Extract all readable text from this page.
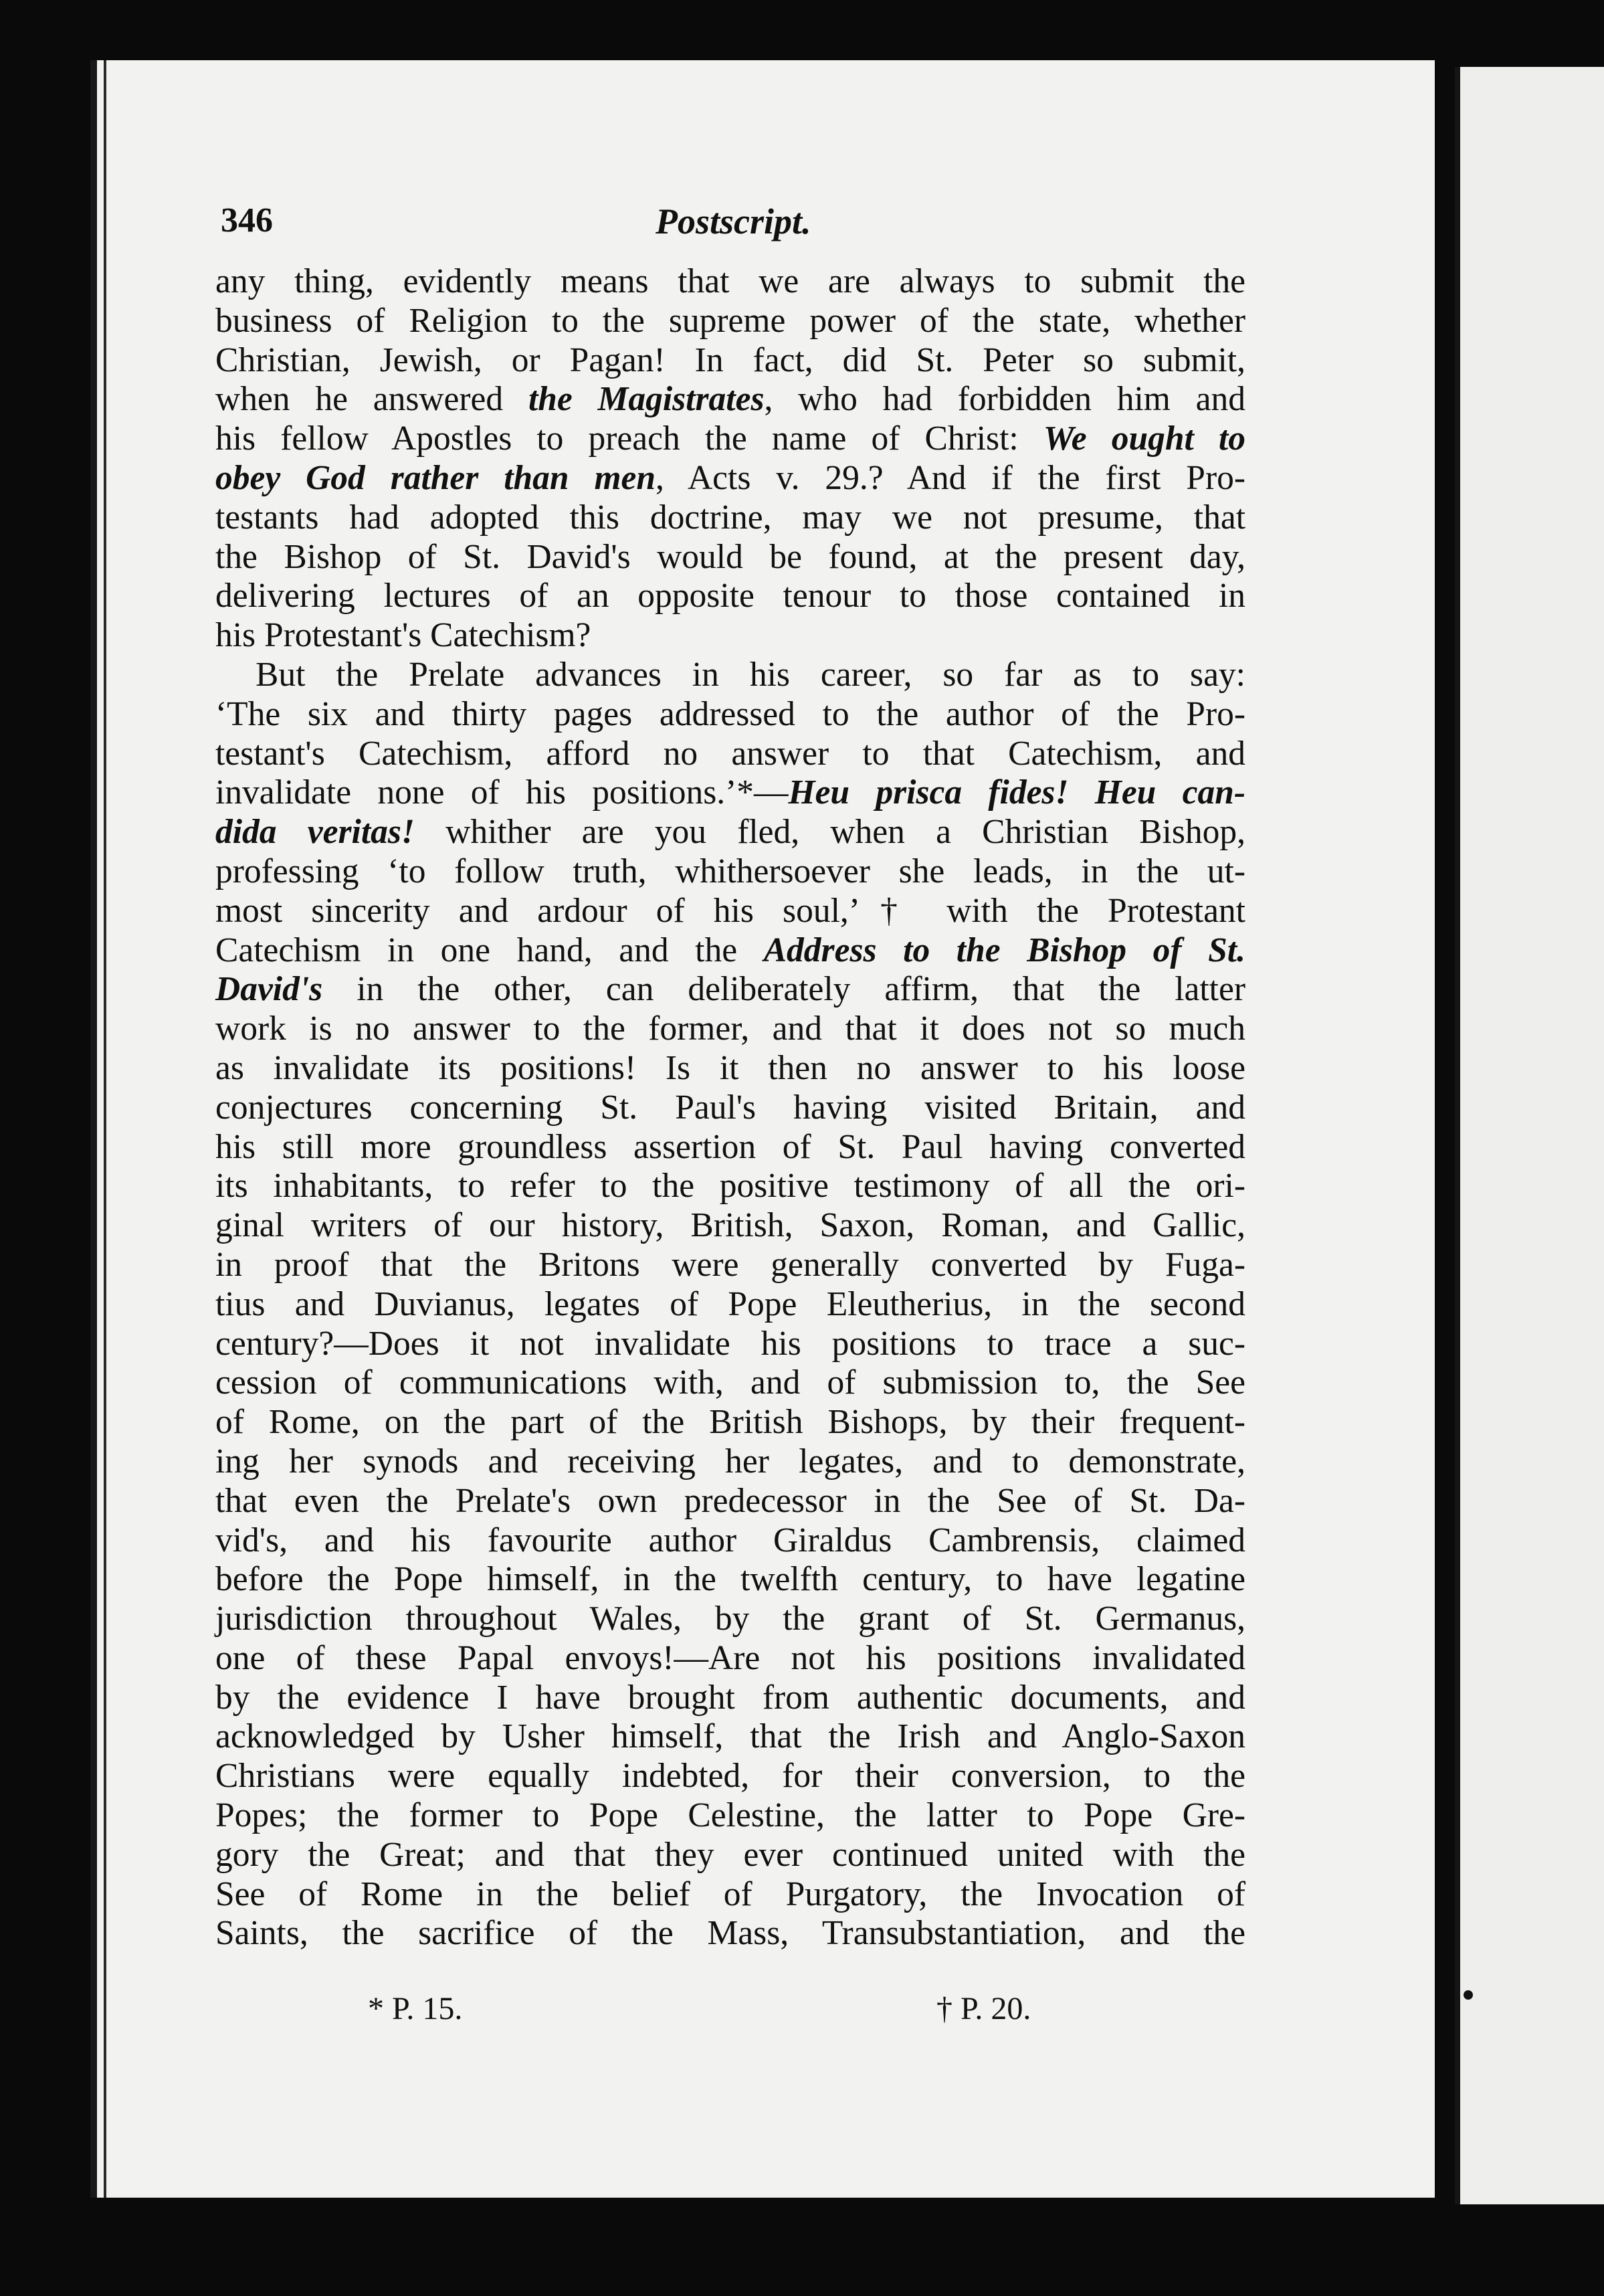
346	Postscript.
any thing, evidently means that we are always to submit the
business of Religion to the supreme power of the state, whether
Christian, Jewish, or Pagan! In fact, did St. Peter so submit,
when he answered the Magistrates, who had forbidden him and
his fellow Apostles to preach the name of Christ: We ought to
obey God rather than men, Acts v. 29.? And if the first Pro-
testants had adopted this doctrine, may we not presume, that
the Bishop of St. David's would be found, at the present day,
delivering lectures of an opposite tenour to those contained in
his Protestant's Catechism?
But the Prelate advances in his career, so far as to say:
‘The six and thirty pages addressed to the author of the Pro-
testant's Catechism, afford no answer to that Catechism, and
invalidate none of his positions.’*—Heu prisca fides! Heu can-
dida veritas! whither are you fled, when a Christian Bishop,
professing ‘to follow truth, whithersoever she leads, in the ut-
most sincerity and ardour of his soul,’† with the Protestant
Catechism in one hand, and the Address to the Bishop of St.
David's in the other, can deliberately affirm, that the latter
work is no answer to the former, and that it does not so much
as invalidate its positions! Is it then no answer to his loose
conjectures concerning St. Paul's having visited Britain, and
his still more groundless assertion of St. Paul having converted
its inhabitants, to refer to the positive testimony of all the ori-
ginal writers of our history, British, Saxon, Roman, and Gallic,
in proof that the Britons were generally converted by Fuga-
tius and Duvianus, legates of Pope Eleutherius, in the second
century?—Does it not invalidate his positions to trace a suc-
cession of communications with, and of submission to, the See
of Rome, on the part of the British Bishops, by their frequent-
ing her synods and receiving her legates, and to demonstrate,
that even the Prelate's own predecessor in the See of St. Da-
vid's, and his favourite author Giraldus Cambrensis, claimed
before the Pope himself, in the twelfth century, to have legatine
jurisdiction throughout Wales, by the grant of St. Germanus,
one of these Papal envoys!—Are not his positions invalidated
by the evidence I have brought from authentic documents, and
acknowledged by Usher himself, that the Irish and Anglo-Saxon
Christians were equally indebted, for their conversion, to the
Popes; the former to Pope Celestine, the latter to Pope Gre-
gory the Great; and that they ever continued united with the
See of Rome in the belief of Purgatory, the Invocation of
Saints, the sacrifice of the Mass, Transubstantiation, and the
* P. 15.	† P. 20.
